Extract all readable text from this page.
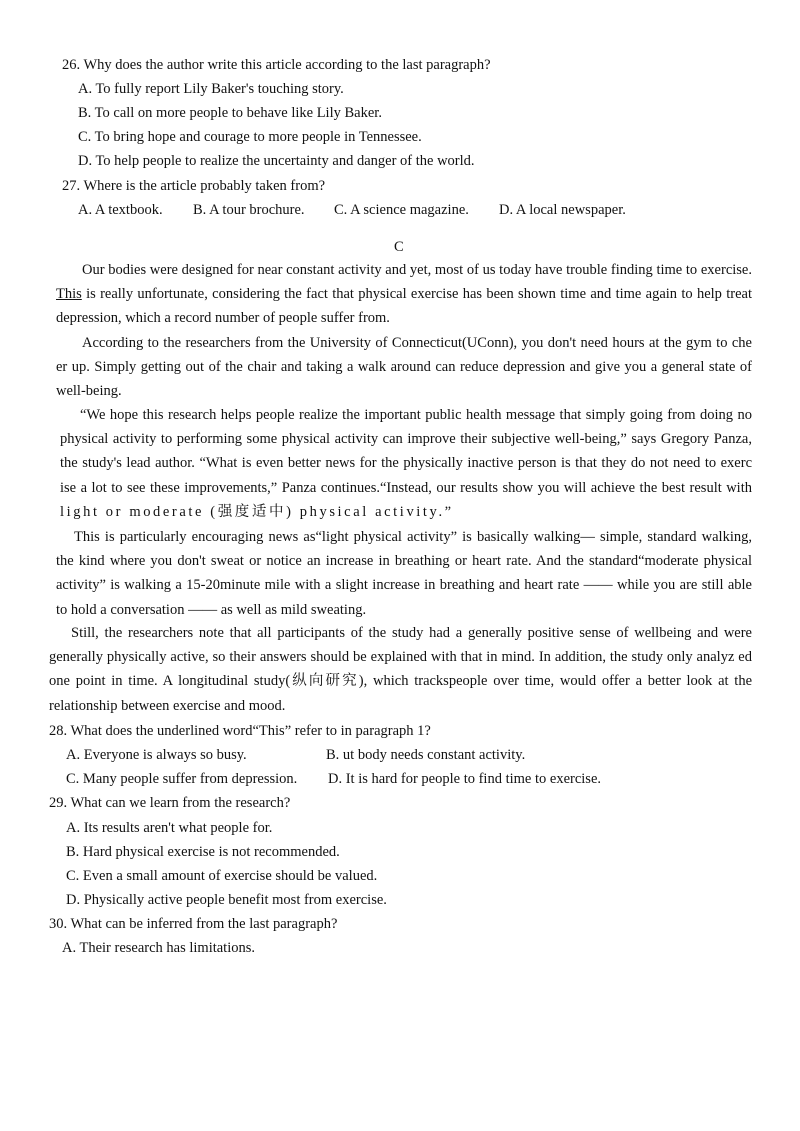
26. Why does the author write this article according to the last paragraph?
A. To fully report Lily Baker's touching story.
B. To call on more people to behave like Lily Baker.
C. To bring hope and courage to more people in Tennessee.
D. To help people to realize the uncertainty and danger of the world.
27. Where is the article probably taken from?
A. A textbook. B. A tour brochure. C. A science magazine. D. A local newspaper.
C

Our bodies were designed for near constant activity and yet, most of us today have trouble finding time to exercise. This is really unfortunate, considering the fact that physical exercise has been shown time and time again to help treat depression, which a record number of people suffer from.

According to the researchers from the University of Connecticut(UConn), you don't need hours at the gym to che er up. Simply getting out of the chair and taking a walk around can reduce depression and give you a general state of well-being.

“We hope this research helps people realize the important public health message that simply going from doing no physical activity to performing some physical activity can improve their subjective well-being,” says Gregory Panza, the study's lead author. “What is even better news for the physically inactive person is that they do not need to exerc ise a lot to see these improvements,” Panza continues.“Instead, our results show you will achieve the best result with light or moderate (强度适中) physical activity.”

This is particularly encouraging news as“light physical activity” is basically walking— simple, standard walking, the kind where you don't sweat or notice an increase in breathing or heart rate. And the standard“moderate physical activity” is walking a 15-20minute mile with a slight increase in breathing and heart rate —— while you are still able to hold a conversation —— as well as mild sweating.

Still, the researchers note that all participants of the study had a generally positive sense of wellbeing and were generally physically active, so their answers should be explained with that in mind. In addition, the study only analyz ed one point in time. A longitudinal study(纵向研究), which trackspeople over time, would offer a better look at the relationship between exercise and mood.

28. What does the underlined word“This” refer to in paragraph 1?
A. Everyone is always so busy.	B. ut body needs constant activity.
C. Many people suffer from depression. D. It is hard for people to find time to exercise.
29. What can we learn from the research?
A. Its results aren't what people for.
B. Hard physical exercise is not recommended.
C. Even a small amount of exercise should be valued.
D. Physically active people benefit most from exercise.
30. What can be inferred from the last paragraph?
A. Their research has limitations.
